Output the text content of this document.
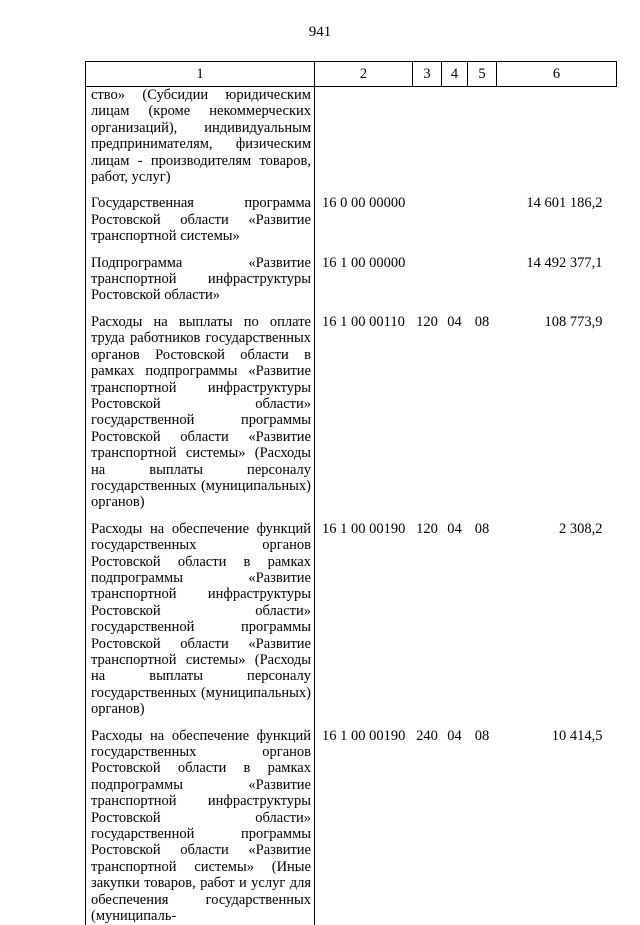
941
1	2	3	4	5	6
ство» (Субсидии юридическим лицам (кроме некоммерческих организаций), индивидуальным предпринимателям, физическим лицам - производителям товаров, работ, услуг)					

Государственная программа Ростовской области «Развитие транспортной системы»	16 0 00 00000				14 601 186,2

Подпрограмма «Развитие транспортной инфраструктуры Ростовской области»	16 1 00 00000				14 492 377,1

Расходы на выплаты по оплате труда работников государственных органов Ростовской области в рамках подпрограммы «Развитие транспортной инфраструктуры Ростовской области» государственной программы Ростовской области «Развитие транспортной системы» (Расходы на выплаты персоналу государственных (муниципальных) органов)	16 1 00 00110	120	04	08	108 773,9

Расходы на обеспечение функций государственных органов Ростовской области в рамках подпрограммы «Развитие транспортной инфраструктуры Ростовской области» государственной программы Ростовской области «Развитие транспортной системы» (Расходы на выплаты персоналу государственных (муниципальных) органов)	16 1 00 00190	120	04	08	2 308,2

Расходы на обеспечение функций государственных органов Ростовской области в рамках подпрограммы «Развитие транспортной инфраструктуры Ростовской области» государственной программы Ростовской области «Развитие транспортной системы» (Иные закупки товаров, работ и услуг для обеспечения государственных (муниципаль-	16 1 00 00190	240	04	08	10 414,5
